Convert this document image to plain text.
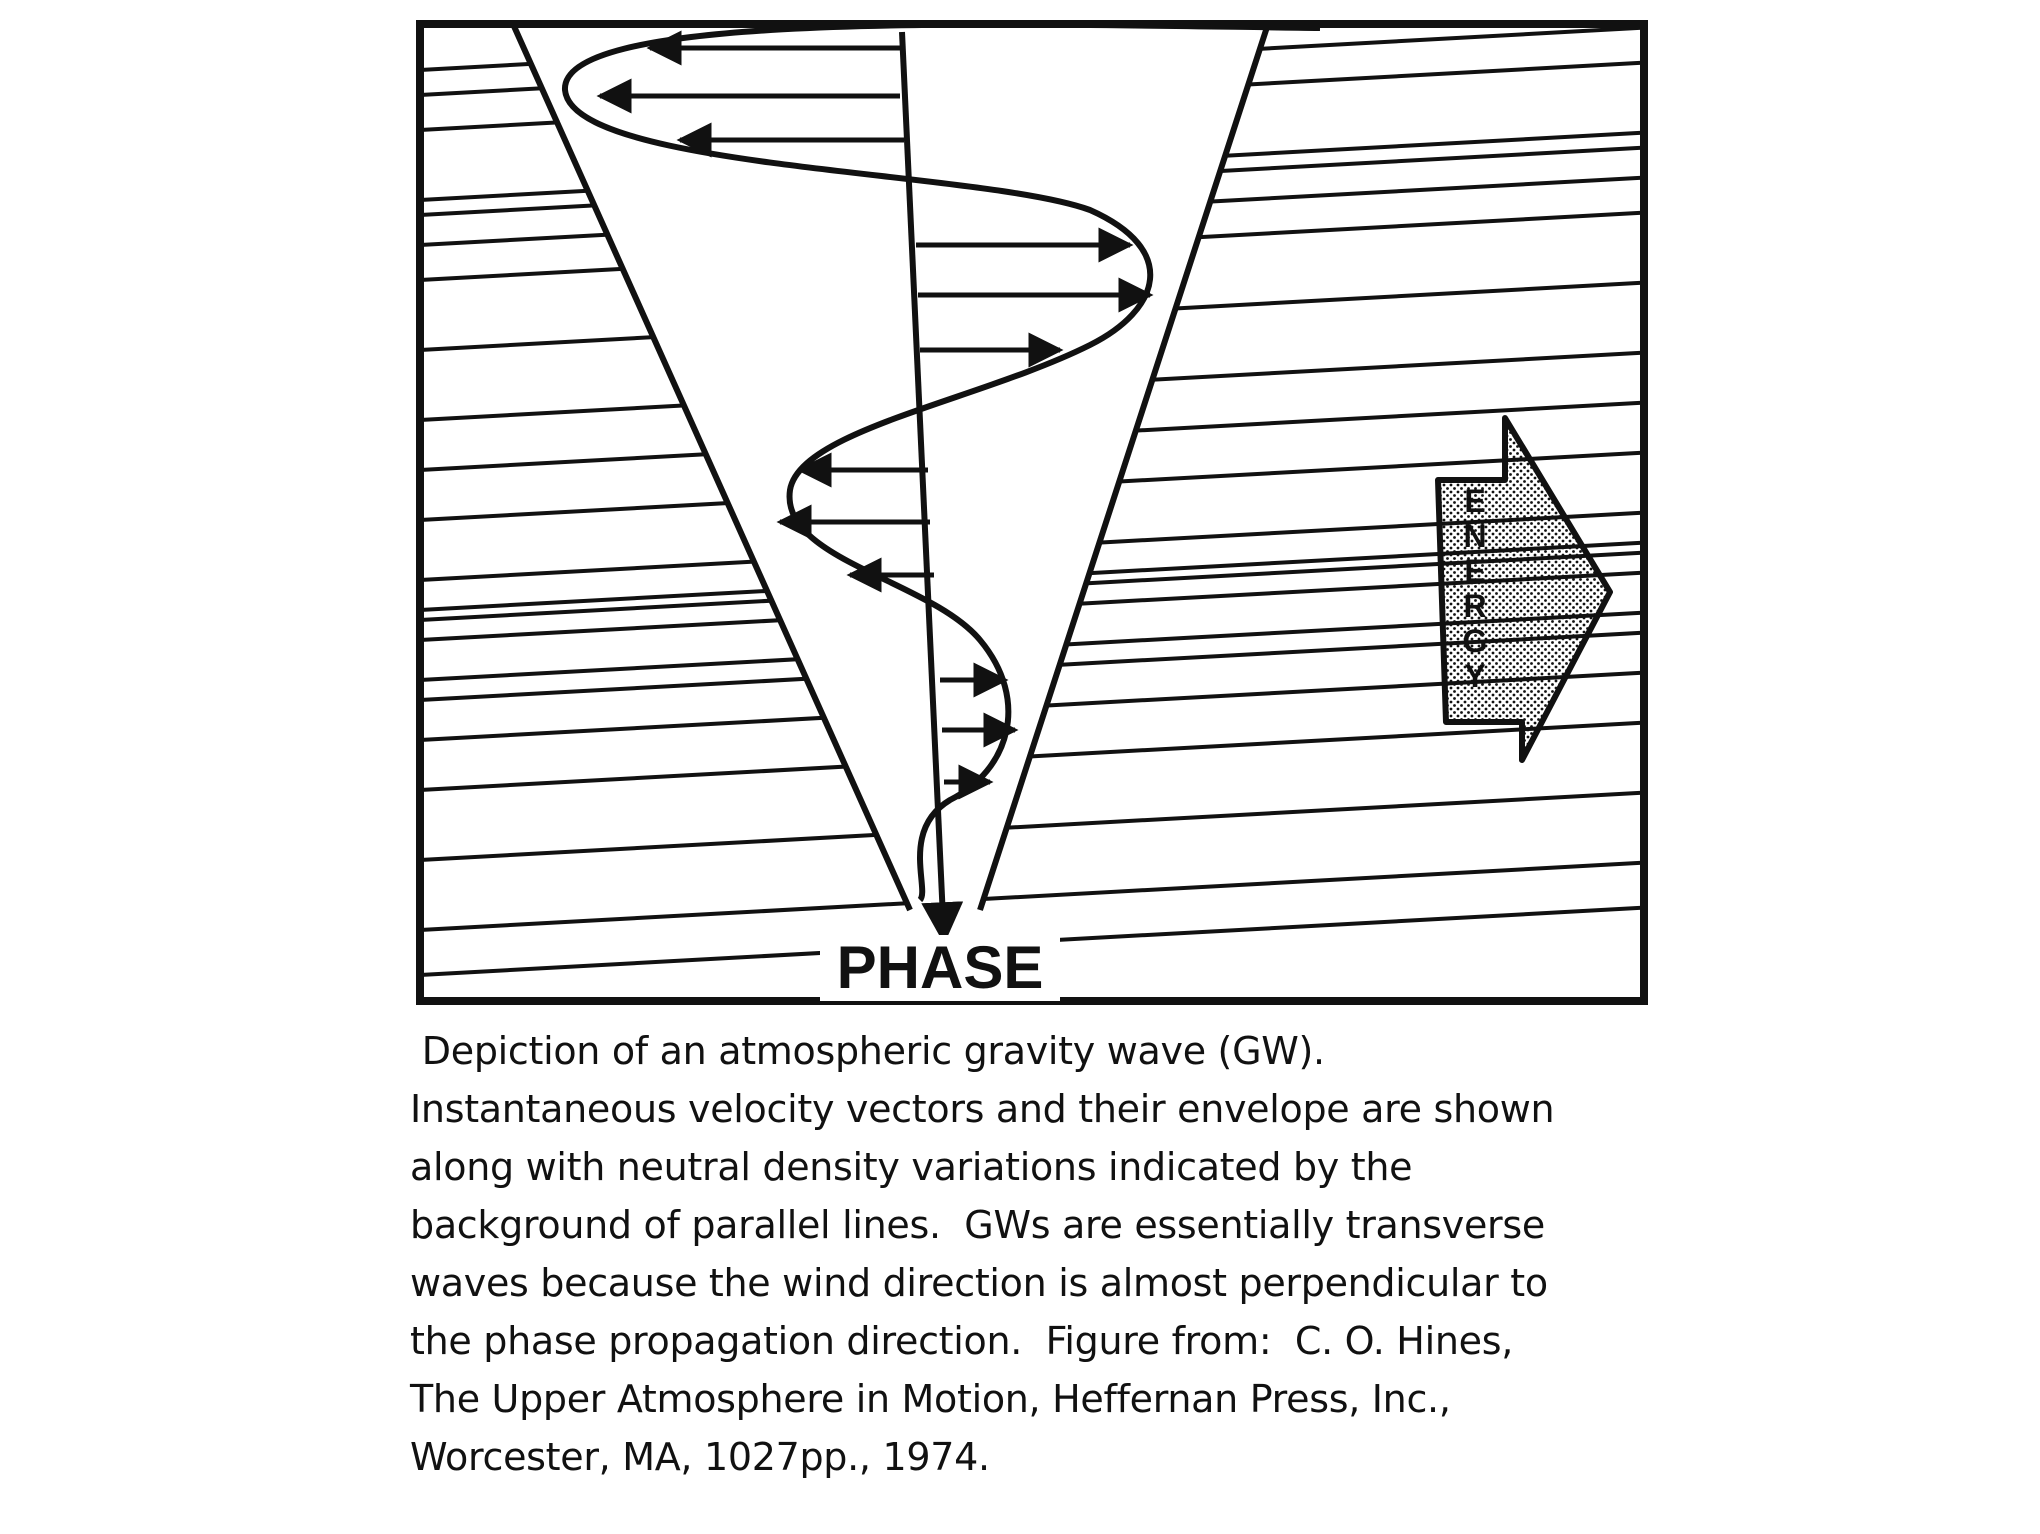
E
N
E
R
G
Y
PHASE
Depiction of an atmospheric gravity wave (GW).
Instantaneous velocity vectors and their envelope are shown
along with neutral density variations indicated by the
background of parallel lines.  GWs are essentially transverse
waves because the wind direction is almost perpendicular to
the phase propagation direction.  Figure from:  C. O. Hines,
The Upper Atmosphere in Motion, Heffernan Press, Inc.,
Worcester, MA, 1027pp., 1974.
